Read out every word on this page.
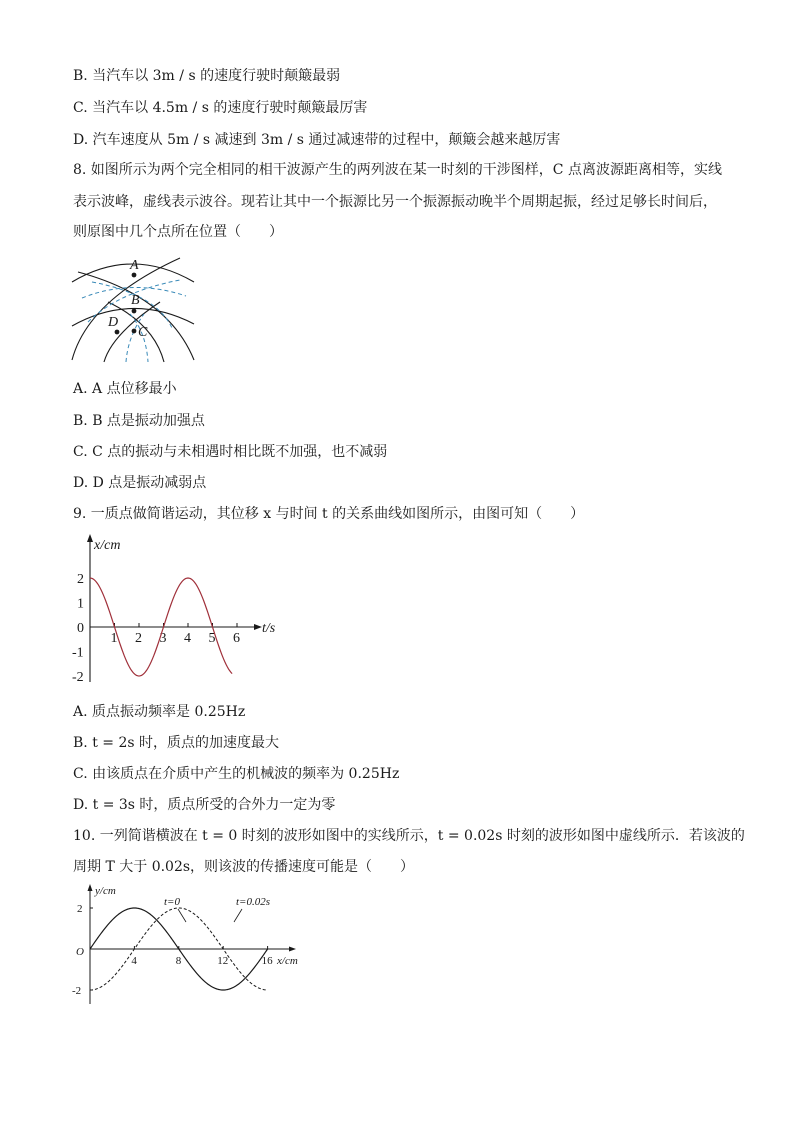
B. 当汽车以 3m / s 的速度行驶时颠簸最弱
C. 当汽车以 4.5m / s 的速度行驶时颠簸最厉害
D. 汽车速度从 5m / s 减速到 3m / s 通过减速带的过程中，颠簸会越来越厉害
8. 如图所示为两个完全相同的相干波源产生的两列波在某一时刻的干涉图样，C 点离波源距离相等，实线
表示波峰，虚线表示波谷。现若让其中一个振源比另一个振源振动晚半个周期起振，经过足够长时间后，
则原图中几个点所在位置（　　）
A
B
C
D
A. A 点位移最小
B. B 点是振动加强点
C. C 点的振动与未相遇时相比既不加强，也不减弱
D. D 点是振动减弱点
9. 一质点做简谐运动，其位移 x 与时间 t 的关系曲线如图所示，由图可知（　　）
x/cm
t/s
1 2 3 4 5 6
2
1
0
-1
-2
A. 质点振动频率是 0.25Hz
B. t = 2s 时，质点的加速度最大
C. 由该质点在介质中产生的机械波的频率为 0.25Hz
D. t = 3s 时，质点所受的合外力一定为零
10. 一列简谐横波在 t = 0 时刻的波形如图中的实线所示，t = 0.02s 时刻的波形如图中虚线所示．若该波的
周期 T 大于 0.02s，则该波的传播速度可能是（　　）
y/cm
x/cm
O
4	8	12	16
2
-2
t=0	t=0.02s
